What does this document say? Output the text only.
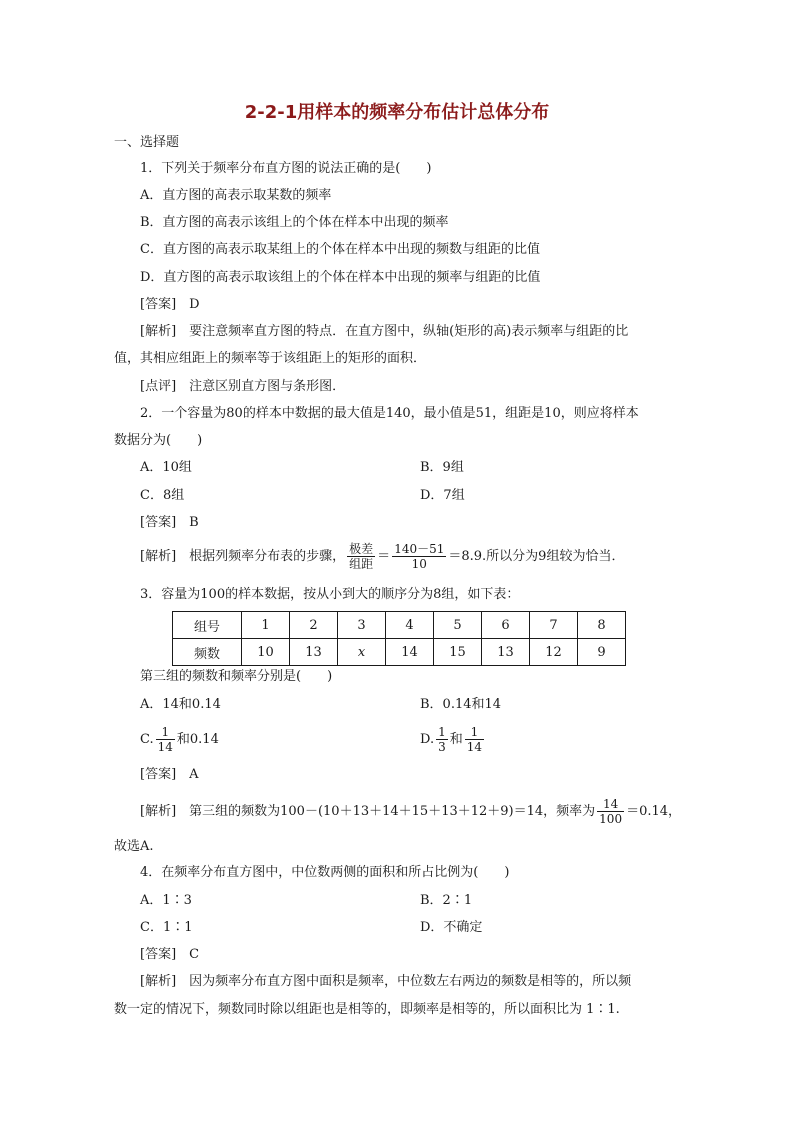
2-2-1用样本的频率分布估计总体分布
一、选择题
1．下列关于频率分布直方图的说法正确的是(　　)
A．直方图的高表示取某数的频率
B．直方图的高表示该组上的个体在样本中出现的频率
C．直方图的高表示取某组上的个体在样本中出现的频数与组距的比值
D．直方图的高表示取该组上的个体在样本中出现的频率与组距的比值
[答案]　D
[解析]　要注意频率直方图的特点．在直方图中，纵轴(矩形的高)表示频率与组距的比
值，其相应组距上的频率等于该组距上的矩形的面积．
[点评]　注意区别直方图与条形图．
2．一个容量为80的样本中数据的最大值是140，最小值是51，组距是10，则应将样本
数据分为(　　)
A．10组	B．9组
C．8组	D．7组
[答案]　B
[解析]　根据列频率分布表的步骤， 极差
组距 ＝ $\frac{140-51}{10} =8.9$.所以分为9组较为恰当．
3．容量为100的样本数据，按从小到大的顺序分为8组，如下表：
组号	1	2	3	4	5	6	7	8
频数	10	13	x	14	15	13	12	9
第三组的频数和频率分别是(　　)
A．14和0.14	B．0.14和14
C. $\frac{1}{14}$ 和0.14	D. $\frac{1}{3}$ 和 $\frac{1}{14}$
[答案]　A
[解析]　第三组的频数为100－(10＋13＋14＋15＋13＋12＋9)＝14，频率为 $\frac{14}{100} =0.14$，
故选A.
4．在频率分布直方图中，中位数两侧的面积和所占比例为(　　)
A．1∶3	B．2∶1
C．1∶1	D．不确定
[答案]　C
[解析]　因为频率分布直方图中面积是频率，中位数左右两边的频数是相等的，所以频
数一定的情况下，频数同时除以组距也是相等的，即频率是相等的，所以面积比为 1∶1.
